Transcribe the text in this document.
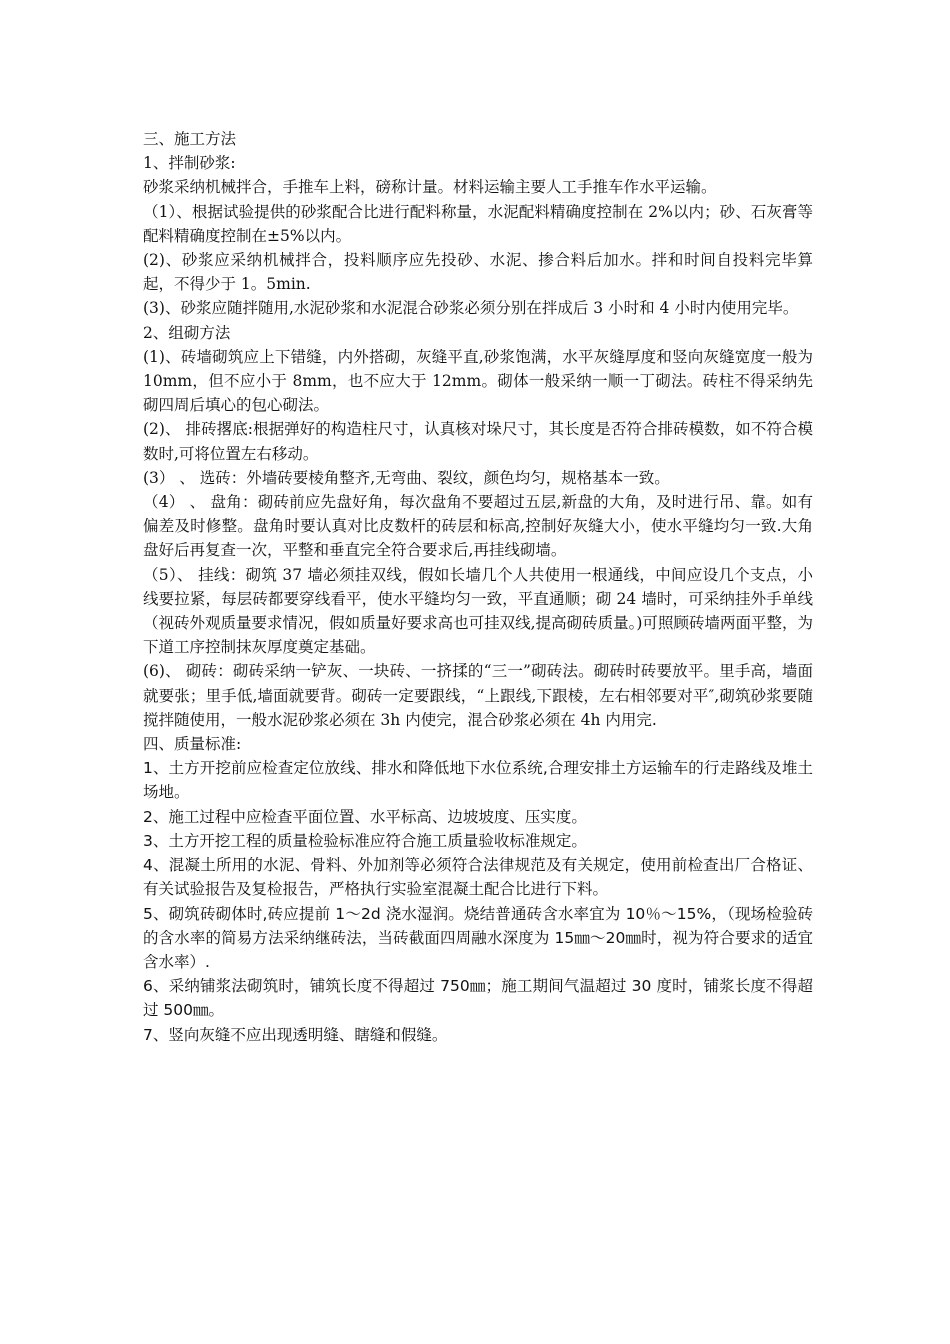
三、施工方法

1、拌制砂浆:

砂浆采纳机械拌合，手推车上料，磅称计量。材料运输主要人工手推车作水平运输。

（1）、根据试验提供的砂浆配合比进行配料称量，水泥配料精确度控制在 2%以内；砂、石灰膏等配料精确度控制在±5%以内。

(2)、砂浆应采纳机械拌合，投料顺序应先投砂、水泥、掺合料后加水。拌和时间自投料完毕算起，不得少于 1。5min.

(3)、砂浆应随拌随用,水泥砂浆和水泥混合砂浆必须分别在拌成后 3 小时和 4 小时内使用完毕。

2、组砌方法

(1)、砖墙砌筑应上下错缝，内外搭砌，灰缝平直,砂浆饱满，水平灰缝厚度和竖向灰缝宽度一般为 10mm，但不应小于 8mm，也不应大于 12mm。砌体一般采纳一顺一丁砌法。砖柱不得采纳先砌四周后填心的包心砌法。

(2)、 排砖撂底:根据弹好的构造柱尺寸，认真核对垛尺寸，其长度是否符合排砖模数，如不符合模数时,可将位置左右移动。

(3） 、 选砖：外墙砖要棱角整齐,无弯曲、裂纹，颜色均匀，规格基本一致。

（4） 、 盘角：砌砖前应先盘好角，每次盘角不要超过五层,新盘的大角，及时进行吊、靠。如有偏差及时修整。盘角时要认真对比皮数杆的砖层和标高,控制好灰缝大小，使水平缝均匀一致.大角盘好后再复查一次，平整和垂直完全符合要求后,再挂线砌墙。

（5）、 挂线：砌筑 37 墙必须挂双线，假如长墙几个人共使用一根通线，中间应设几个支点，小线要拉紧，每层砖都要穿线看平，使水平缝均匀一致，平直通顺；砌 24 墙时，可采纳挂外手单线（视砖外观质量要求情况，假如质量好要求高也可挂双线,提高砌砖质量。)可照顾砖墙两面平整，为下道工序控制抹灰厚度奠定基础。

(6)、 砌砖：砌砖采纳一铲灰、一块砖、一挤揉的“三一”砌砖法。砌砖时砖要放平。里手高，墙面就要张；里手低,墙面就要背。砌砖一定要跟线，“上跟线,下跟棱，左右相邻要对平″,砌筑砂浆要随搅拌随使用，一般水泥砂浆必须在 3h 内使完，混合砂浆必须在 4h 内用完.

四、质量标准:

1、土方开挖前应检查定位放线、排水和降低地下水位系统,合理安排土方运输车的行走路线及堆土场地。

2、施工过程中应检查平面位置、水平标高、边坡坡度、压实度。

3、土方开挖工程的质量检验标准应符合施工质量验收标准规定。

4、混凝土所用的水泥、骨料、外加剂等必须符合法律规范及有关规定，使用前检查出厂合格证、有关试验报告及复检报告，严格执行实验室混凝土配合比进行下料。

5、砌筑砖砌体时,砖应提前 1～2d 浇水湿润。烧结普通砖含水率宜为 10％～15%，（现场检验砖的含水率的简易方法采纳继砖法，当砖截面四周融水深度为 15㎜～20㎜时，视为符合要求的适宜含水率）.

6、采纳铺浆法砌筑时，铺筑长度不得超过 750㎜；施工期间气温超过 30 度时，铺浆长度不得超过 500㎜。

7、竖向灰缝不应出现透明缝、瞎缝和假缝。
